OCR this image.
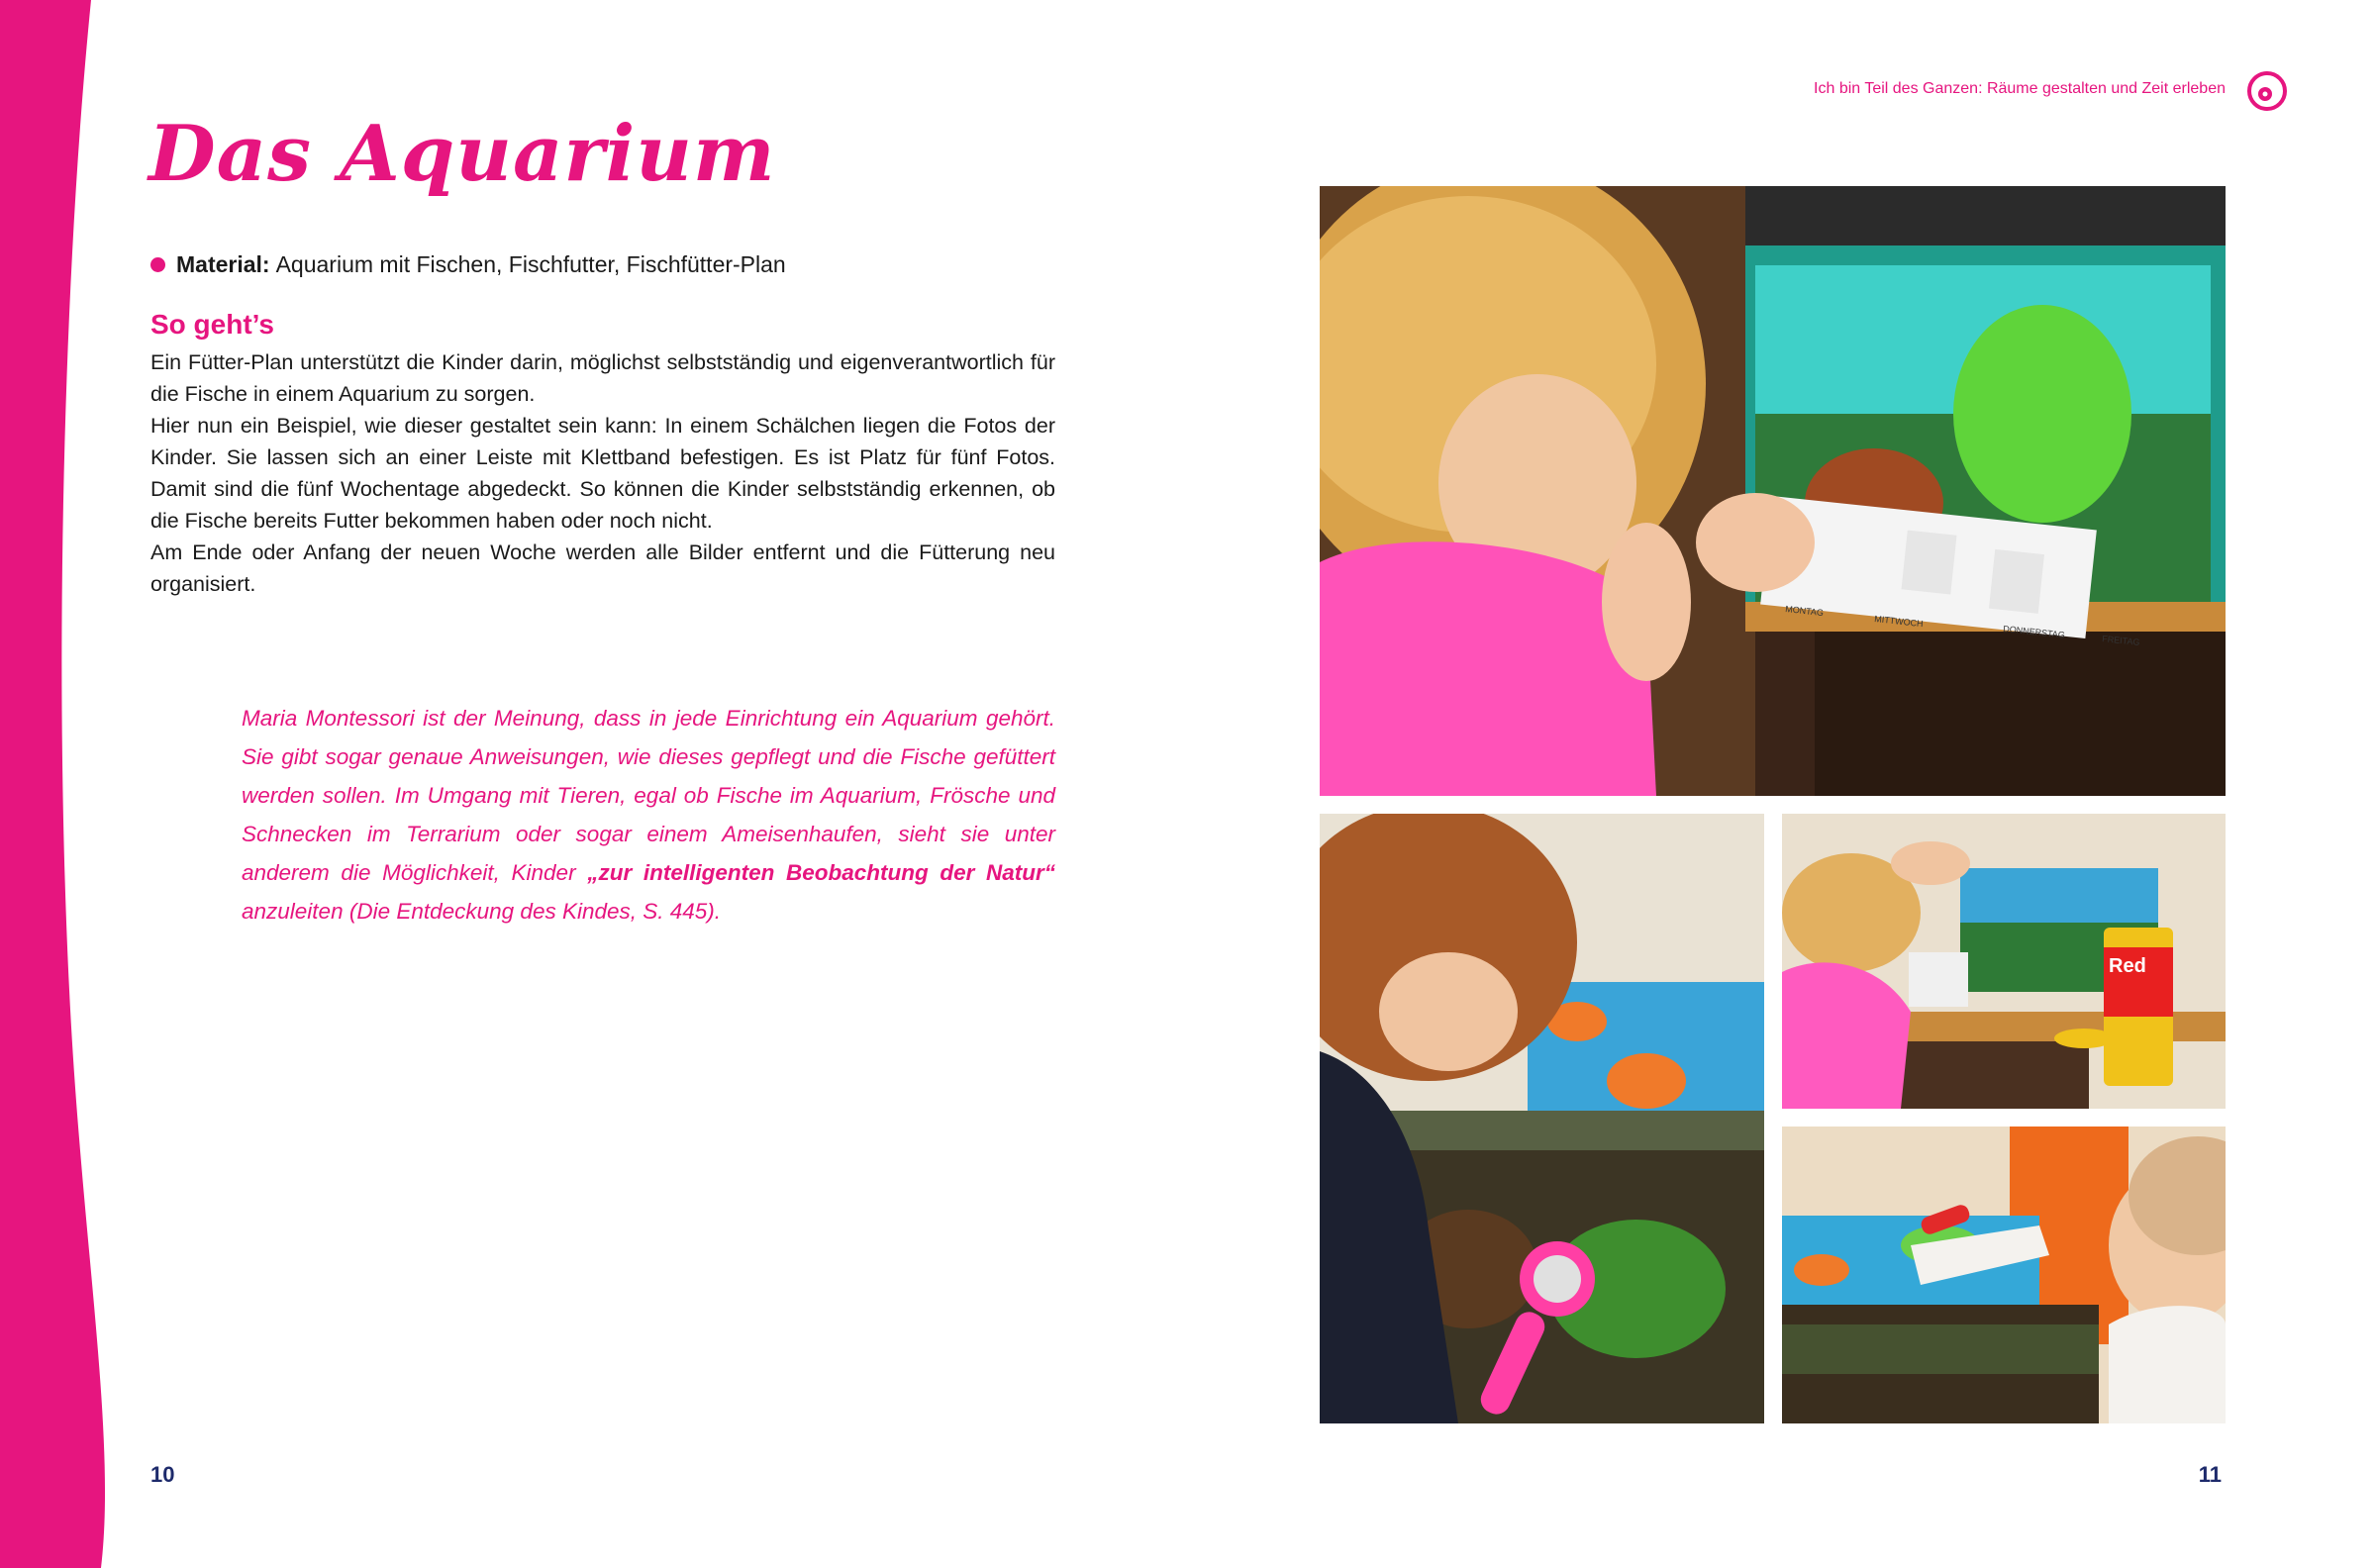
Das Aquarium
Material: Aquarium mit Fischen, Fischfutter, Fischfütter-Plan
So geht’s

Ein Fütter-Plan unterstützt die Kinder darin, möglichst selbstständig und eigenverantwortlich für die Fische in einem Aquarium zu sorgen.

Hier nun ein Beispiel, wie dieser gestaltet sein kann: In einem Schälchen liegen die Fotos der Kinder. Sie lassen sich an einer Leiste mit Klettband befestigen. Es ist Platz für fünf Fotos. Damit sind die fünf Wochentage abgedeckt. So können die Kinder selbstständig erkennen, ob die Fische bereits Futter bekommen haben oder noch nicht.

Am Ende oder Anfang der neuen Woche werden alle Bilder entfernt und die Fütterung neu organisiert.

Maria Montessori ist der Meinung, dass in jede Einrichtung ein Aquarium gehört. Sie gibt sogar genaue Anweisungen, wie dieses gepflegt und die Fische gefüttert werden sollen. Im Umgang mit Tieren, egal ob Fische im Aquarium, Frösche und Schnecken im Terrarium oder sogar einem Ameisenhaufen, sieht sie unter anderem die Möglichkeit, Kinder „zur intelligenten Beobachtung der Natur“ anzuleiten (Die Entdeckung des Kindes, S. 445).
Ich bin Teil des Ganzen: Räume gestalten und Zeit erleben
MONTAG
MITTWOCH
DONNERSTAG
FREITAG
Red
10	11
